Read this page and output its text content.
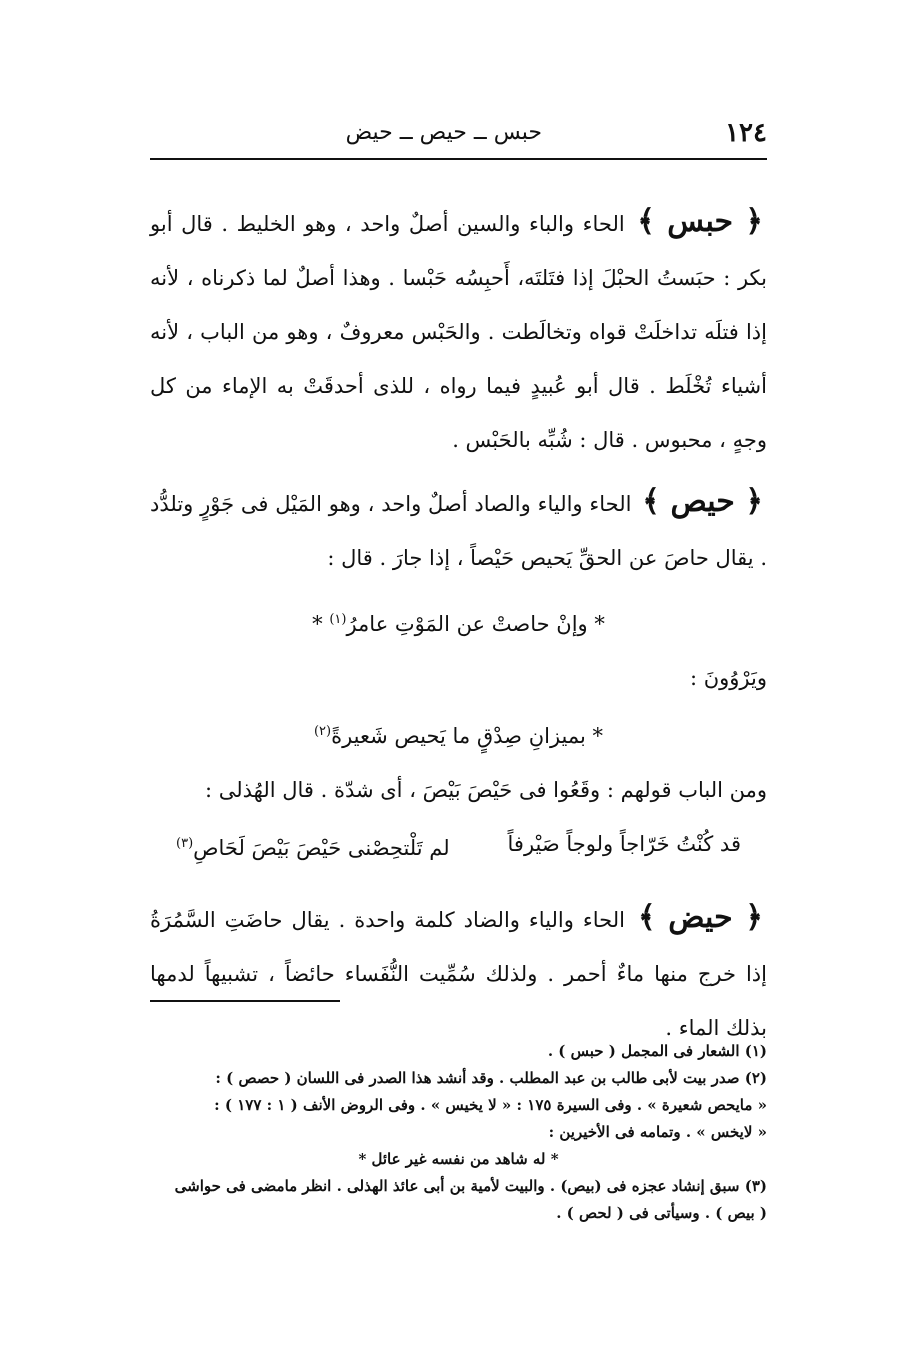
١٢٤
حبس ــ حيص ــ حيض

﴿ حبس ﴾ الحاء والباء والسين أصلٌ واحد ، وهو الخليط . قال أبو بكر : حبَستُ الحبْلَ إذا فتَلتَه، أَحبِسُه حَبْسا . وهذا أصلٌ لما ذكرناه ، لأنه إذا فتلَه تداخلَتْ قواه وتخالَطت . والحَبْس معروفٌ ، وهو من الباب ، لأنه أشياء تُخْلَط . قال أبو عُبيدٍ فيما رواه ، للذى أحدقَتْ به الإماء من كل وجهٍ ، محبوس . قال : شُبِّه بالحَبْس .

﴿ حيص ﴾ الحاء والياء والصاد أصلٌ واحد ، وهو المَيْل فى جَوْرٍ وتلدُّد . يقال حاصَ عن الحقِّ يَحيص حَيْصاً ، إذا جارَ . قال :

* وإنْ حاصتْ عن المَوْتِ عامرُ$^{(١)}$ *

ويَرْوُونَ :

* بميزانِ صِدْقٍ ما يَحيص شَعيرةً$^{(٢)}$

ومن الباب قولهم : وقَعُوا فى حَيْصَ بَيْصَ ، أى شدّة . قال الهُذلى :

قد كُنْتُ خَرّاجاً ولوجاً صَيْرفاً
لم تَلْتحِصْنى حَيْصَ بَيْصَ لَحَاصِ$^{(٣)}$

﴿ حيض ﴾ الحاء والياء والضاد كلمة واحدة . يقال حاضَتِ السَّمُرَةُ إذا خرج منها ماءٌ أحمر . ولذلك سُمِّيت النُّفَساء حائضاً ، تشبيهاً لدمها بذلك الماء .

(١) الشعار فى المجمل ( حبس ) .

(٢) صدر بيت لأبى طالب بن عبد المطلب . وقد أنشد هذا الصدر فى اللسان ( حصص ) :

« مايحص شعيرة » . وفى السيرة ١٧٥ : « لا يخيس » . وفى الروض الأنف ( ١ : ١٧٧ ) :

« لايخس » . وتمامه فى الأخيرين :

* له شاهد من نفسه غير عائل *

(٣) سبق إنشاد عجزه فى (بيص) . والبيت لأمية بن أبى عائذ الهذلى . انظر مامضى فى حواشى

( بيص ) . وسيأتى فى ( لحص ) .
